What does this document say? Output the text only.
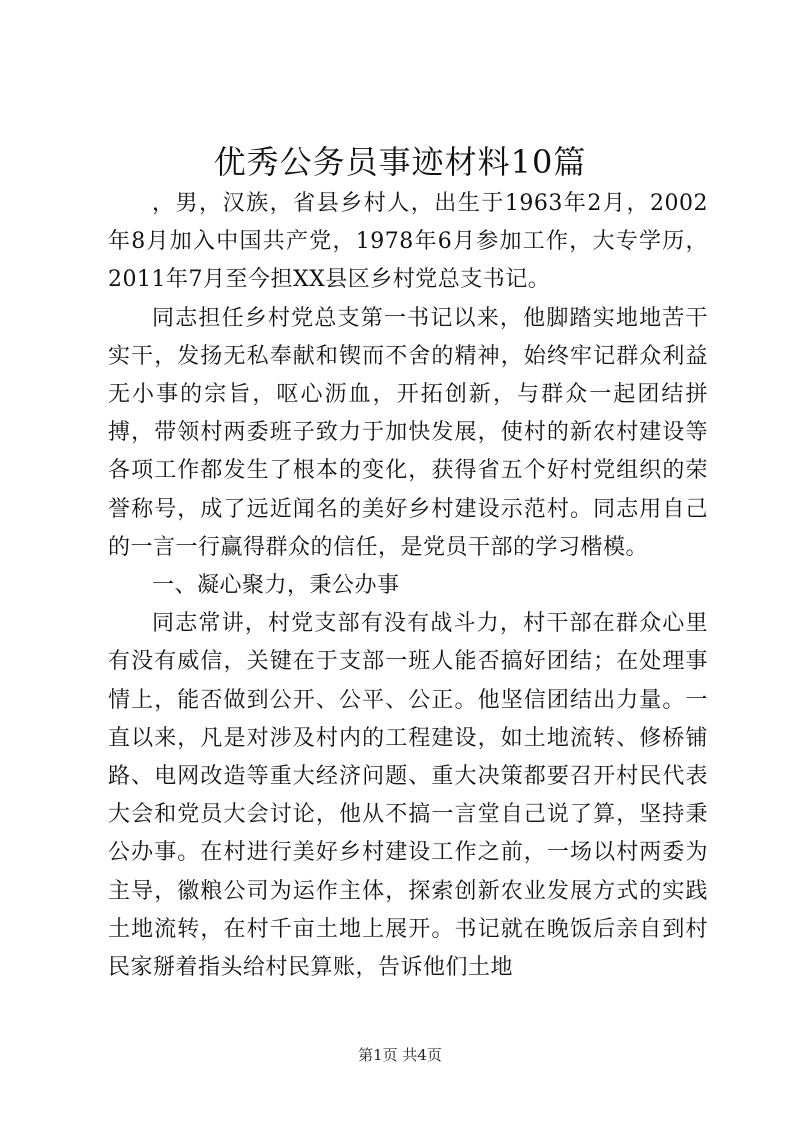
优秀公务员事迹材料10篇

，男，汉族，省县乡村人，出生于1963年2月，2002年8月加入中国共产党，1978年6月参加工作，大专学历，2011年7月至今担XX县区乡村党总支书记。

同志担任乡村党总支第一书记以来，他脚踏实地地苦干实干，发扬无私奉献和锲而不舍的精神，始终牢记群众利益无小事的宗旨，呕心沥血，开拓创新，与群众一起团结拼搏，带领村两委班子致力于加快发展，使村的新农村建设等各项工作都发生了根本的变化，获得省五个好村党组织的荣誉称号，成了远近闻名的美好乡村建设示范村。同志用自己的一言一行赢得群众的信任，是党员干部的学习楷模。

一、凝心聚力，秉公办事

同志常讲，村党支部有没有战斗力，村干部在群众心里有没有威信，关键在于支部一班人能否搞好团结；在处理事情上，能否做到公开、公平、公正。他坚信团结出力量。一直以来，凡是对涉及村内的工程建设，如土地流转、修桥铺路、电网改造等重大经济问题、重大决策都要召开村民代表大会和党员大会讨论，他从不搞一言堂自己说了算，坚持秉公办事。在村进行美好乡村建设工作之前，一场以村两委为主导，徽粮公司为运作主体，探索创新农业发展方式的实践土地流转，在村千亩土地上展开。书记就在晚饭后亲自到村民家掰着指头给村民算账，告诉他们土地

第1页 共4页
